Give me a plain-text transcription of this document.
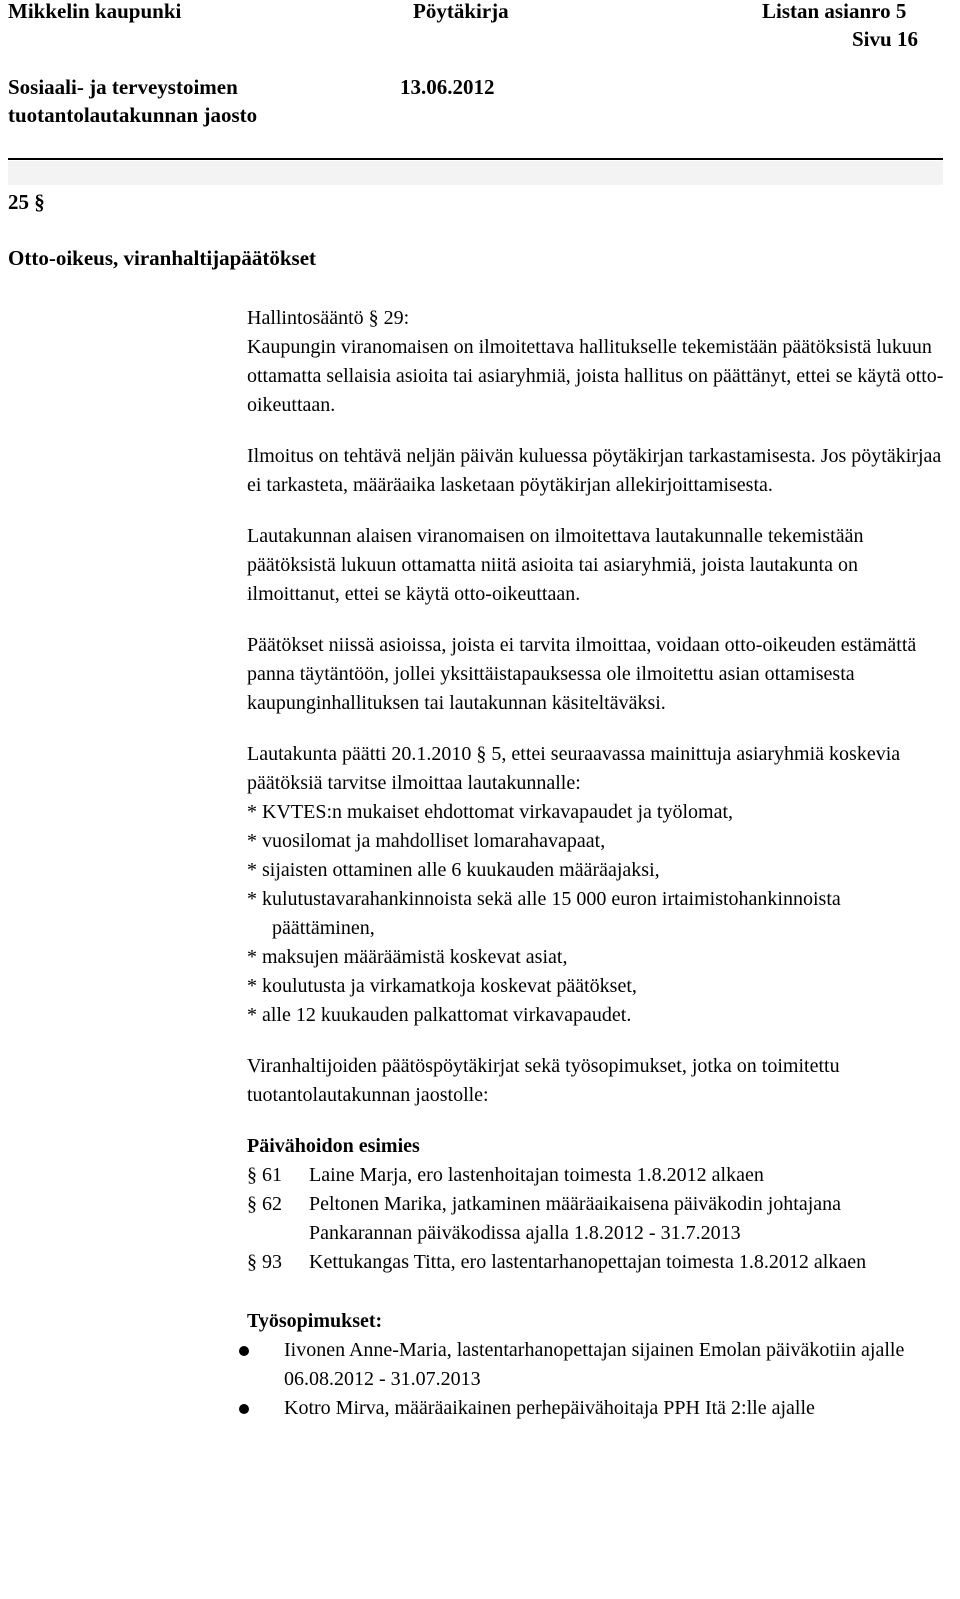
Mikkelin kaupunki	Pöytäkirja	Listan asianro 5
Sivu 16
Sosiaali- ja terveystoimen
tuotantolautakunnan jaosto
13.06.2012
25 §
Otto-oikeus, viranhaltijapäätökset

Hallintosääntö § 29:
Kaupungin viranomaisen on ilmoitettava hallitukselle tekemistään päätöksistä lukuun ottamatta sellaisia asioita tai asiaryhmiä, joista hallitus on päättänyt, ettei se käytä otto-oikeuttaan.

Ilmoitus on tehtävä neljän päivän kuluessa pöytäkirjan tarkastamisesta. Jos pöytäkirjaa ei tarkasteta, määräaika lasketaan pöytäkirjan allekirjoittamisesta.

Lautakunnan alaisen viranomaisen on ilmoitettava lautakunnalle tekemistään päätöksistä lukuun ottamatta niitä asioita tai asiaryhmiä, joista lautakunta on ilmoittanut, ettei se käytä otto-oikeuttaan.

Päätökset niissä asioissa, joista ei tarvita ilmoittaa, voidaan otto-oikeuden estämättä panna täytäntöön, jollei yksittäistapauksessa ole ilmoitettu asian ottamisesta kaupunginhallituksen tai lautakunnan käsiteltäväksi.

Lautakunta päätti 20.1.2010 § 5, ettei seuraavassa mainittuja asiaryhmiä koskevia päätöksiä tarvitse ilmoittaa lautakunnalle:

* KVTES:n mukaiset ehdottomat virkavapaudet ja työlomat,
* vuosilomat ja mahdolliset lomarahavapaat,
* sijaisten ottaminen alle 6 kuukauden määräajaksi,
* kulutustavarahankinnoista sekä alle 15 000 euron irtaimistohankinnoista päättäminen,
* maksujen määräämistä koskevat asiat,
* koulutusta ja virkamatkoja koskevat päätökset,
* alle 12 kuukauden palkattomat virkavapaudet.

Viranhaltijoiden päätöspöytäkirjat sekä työsopimukset, jotka on toimitettu tuotantolautakunnan jaostolle:

Päivähoidon esimies
§ 61	Laine Marja, ero lastenhoitajan toimesta 1.8.2012 alkaen
§ 62	Peltonen Marika, jatkaminen määräaikaisena päiväkodin johtajana Pankarannan päiväkodissa ajalla 1.8.2012 - 31.7.2013
§ 93	Kettukangas Titta, ero lastentarhanopettajan toimesta 1.8.2012 alkaen
Työsopimukset:
Iivonen Anne-Maria, lastentarhanopettajan sijainen Emolan päiväkotiin ajalle 06.08.2012 - 31.07.2013
Kotro Mirva, määräaikainen perhepäivähoitaja PPH Itä 2:lle ajalle
